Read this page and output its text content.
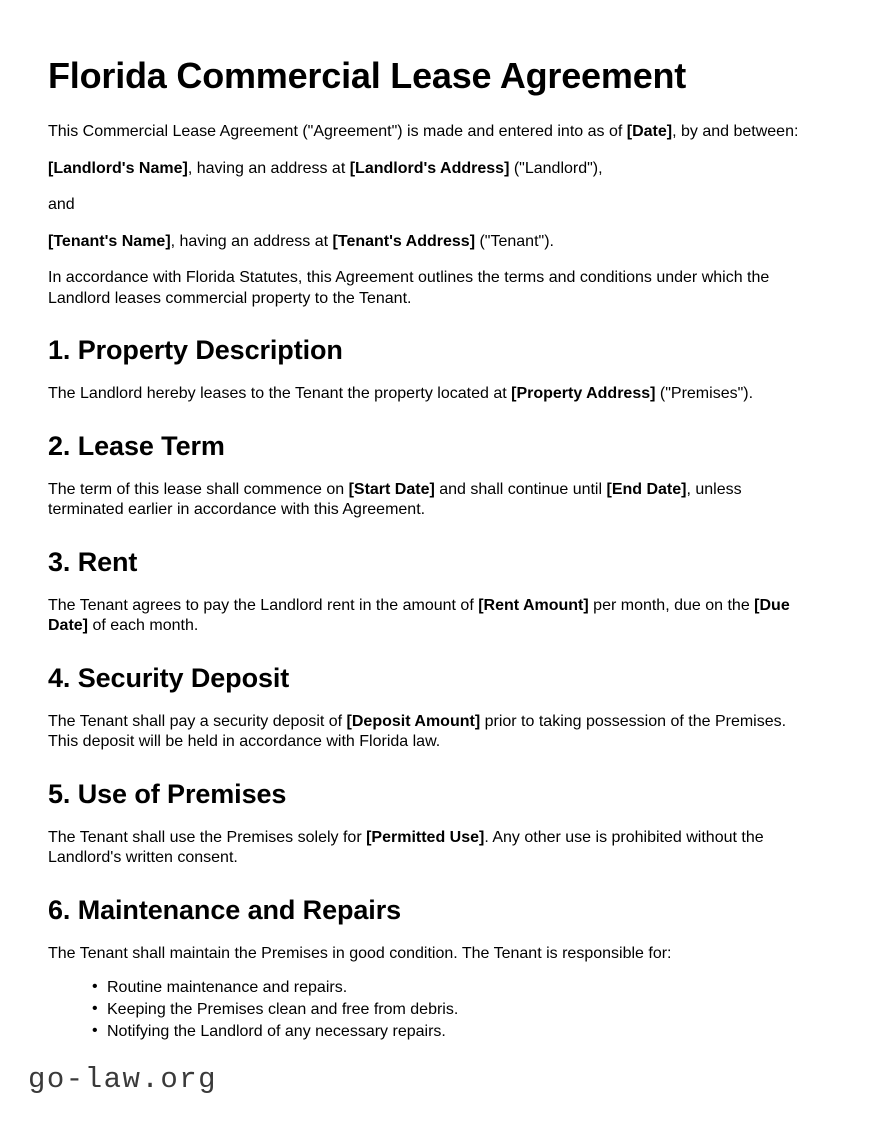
Florida Commercial Lease Agreement

This Commercial Lease Agreement ("Agreement") is made and entered into as of [Date], by and between:

[Landlord's Name], having an address at [Landlord's Address] ("Landlord"),

and

[Tenant's Name], having an address at [Tenant's Address] ("Tenant").

In accordance with Florida Statutes, this Agreement outlines the terms and conditions under which the Landlord leases commercial property to the Tenant.

1. Property Description

The Landlord hereby leases to the Tenant the property located at [Property Address] ("Premises").

2. Lease Term

The term of this lease shall commence on [Start Date] and shall continue until [End Date], unless terminated earlier in accordance with this Agreement.

3. Rent

The Tenant agrees to pay the Landlord rent in the amount of [Rent Amount] per month, due on the [Due Date] of each month.

4. Security Deposit

The Tenant shall pay a security deposit of [Deposit Amount] prior to taking possession of the Premises. This deposit will be held in accordance with Florida law.

5. Use of Premises

The Tenant shall use the Premises solely for [Permitted Use]. Any other use is prohibited without the Landlord's written consent.

6. Maintenance and Repairs

The Tenant shall maintain the Premises in good condition. The Tenant is responsible for:

• Routine maintenance and repairs.
• Keeping the Premises clean and free from debris.
• Notifying the Landlord of any necessary repairs.
go-law.org
